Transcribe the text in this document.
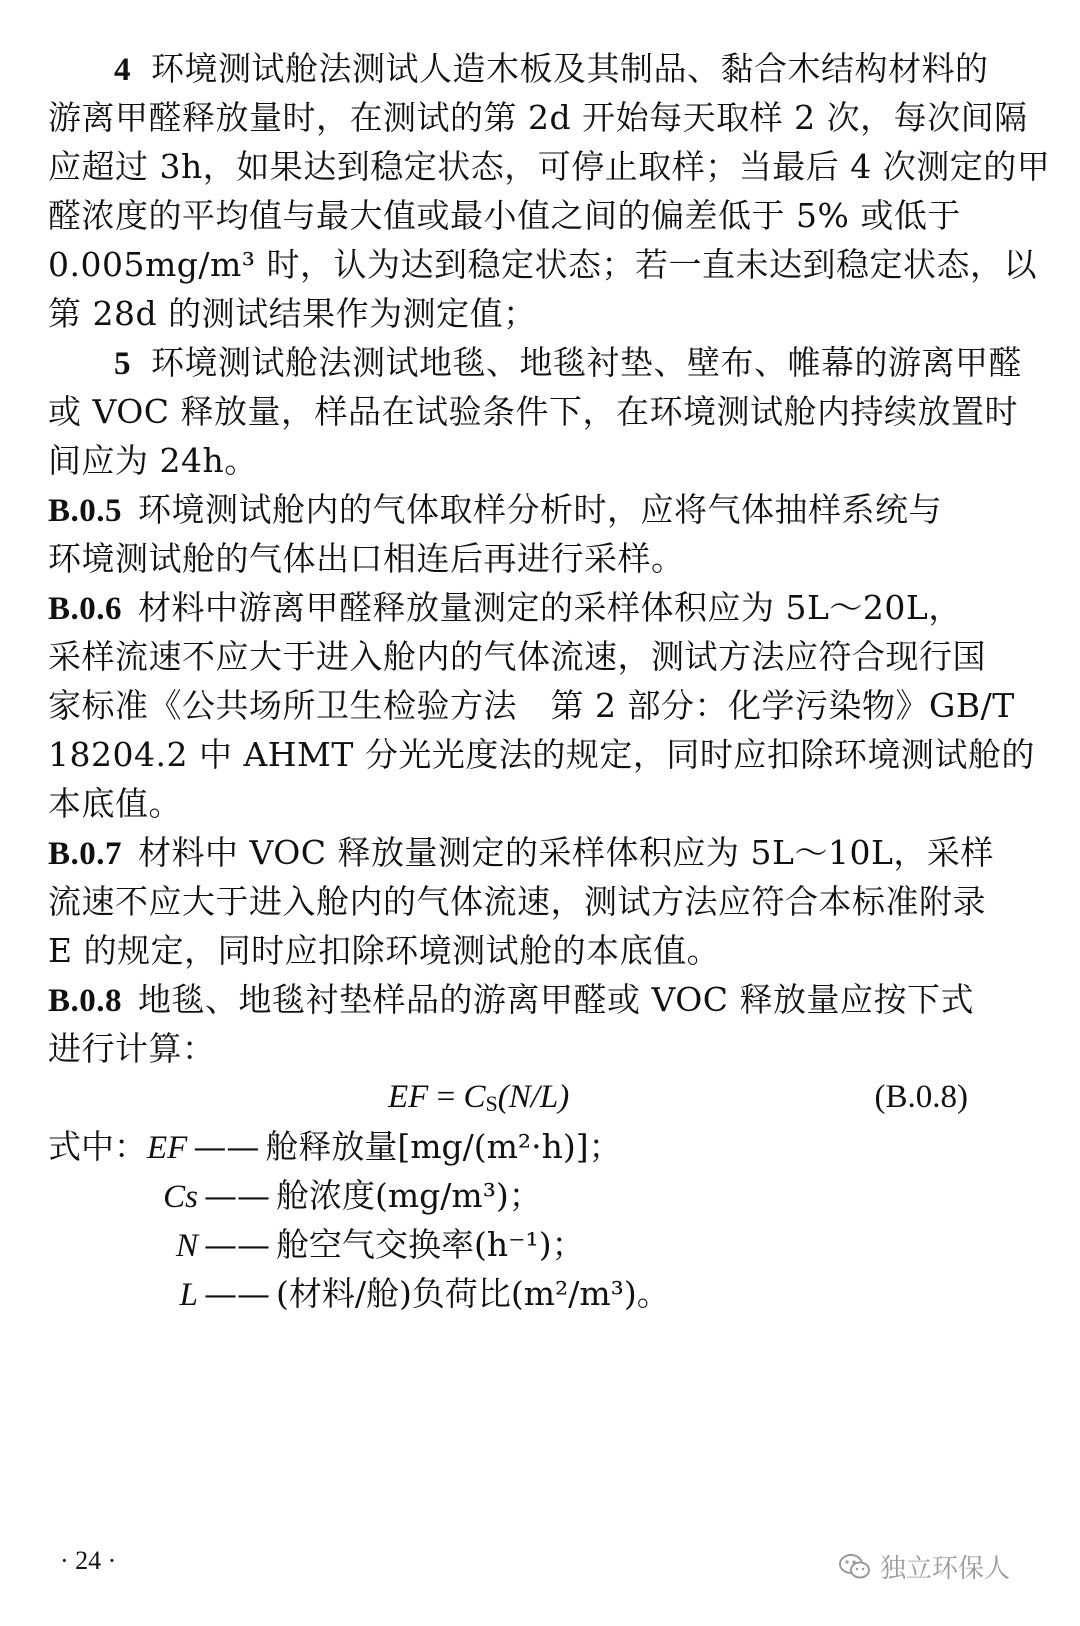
4 环境测试舱法测试人造木板及其制品、黏合木结构材料的
游离甲醛释放量时，在测试的第 2d 开始每天取样 2 次，每次间隔
应超过 3h，如果达到稳定状态，可停止取样；当最后 4 次测定的甲
醛浓度的平均值与最大值或最小值之间的偏差低于 5% 或低于
0.005mg/m³ 时，认为达到稳定状态；若一直未达到稳定状态，以
第 28d 的测试结果作为测定值；
5 环境测试舱法测试地毯、地毯衬垫、壁布、帷幕的游离甲醛
或 VOC 释放量，样品在试验条件下，在环境测试舱内持续放置时
间应为 24h。
B.0.5 环境测试舱内的气体取样分析时，应将气体抽样系统与
环境测试舱的气体出口相连后再进行采样。
B.0.6 材料中游离甲醛释放量测定的采样体积应为 5L～20L，
采样流速不应大于进入舱内的气体流速，测试方法应符合现行国
家标准《公共场所卫生检验方法　第 2 部分：化学污染物》GB/T
18204.2 中 AHMT 分光光度法的规定，同时应扣除环境测试舱的
本底值。
B.0.7 材料中 VOC 释放量测定的采样体积应为 5L～10L，采样
流速不应大于进入舱内的气体流速，测试方法应符合本标准附录
E 的规定，同时应扣除环境测试舱的本底值。
B.0.8 地毯、地毯衬垫样品的游离甲醛或 VOC 释放量应按下式
进行计算：
EF = CS(N/L)	(B.0.8)
式中：EF —— 舱释放量[mg/(m²·h)]；
Cs —— 舱浓度(mg/m³)；
N —— 舱空气交换率(h⁻¹)；
L —— (材料/舱)负荷比(m²/m³)。
· 24 ·	独立环保人
